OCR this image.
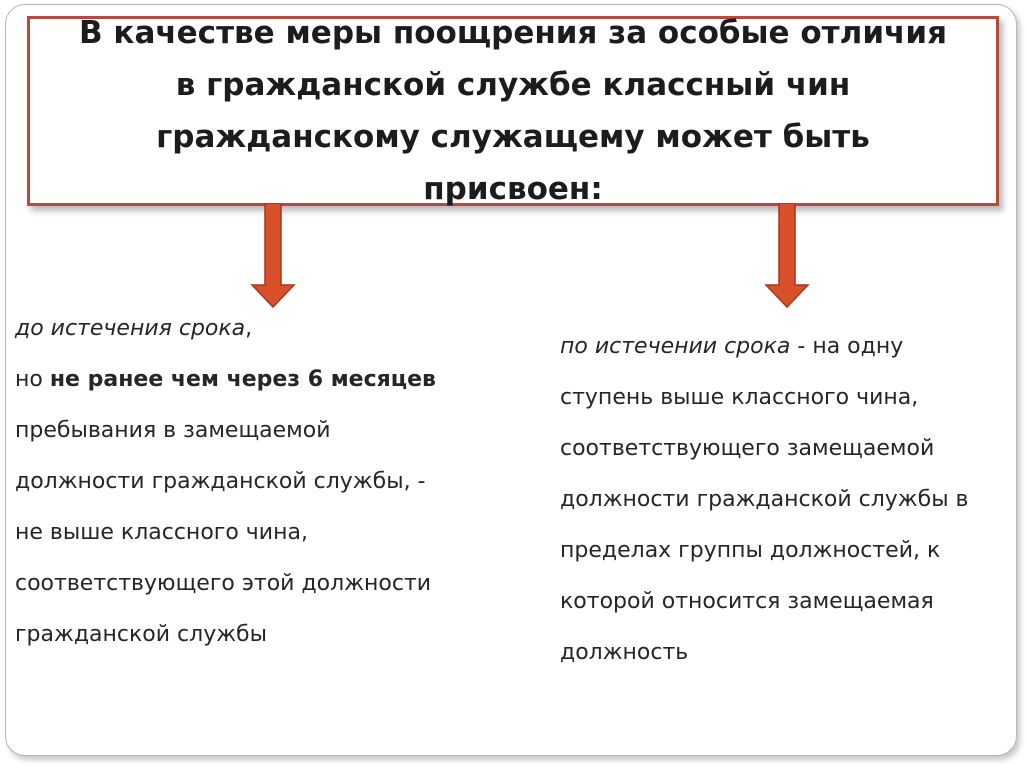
В качестве меры поощрения за особые отличия в гражданской службе классный чин гражданскому служащему может быть присвоен:
до истечения срока,
но не ранее чем через 6 месяцев
пребывания в замещаемой
должности гражданской службы, -
не выше классного чина,
соответствующего этой должности
гражданской службы
по истечении срока - на одну
ступень выше классного чина,
соответствующего замещаемой
должности гражданской службы в
пределах группы должностей, к
которой относится замещаемая
должность
